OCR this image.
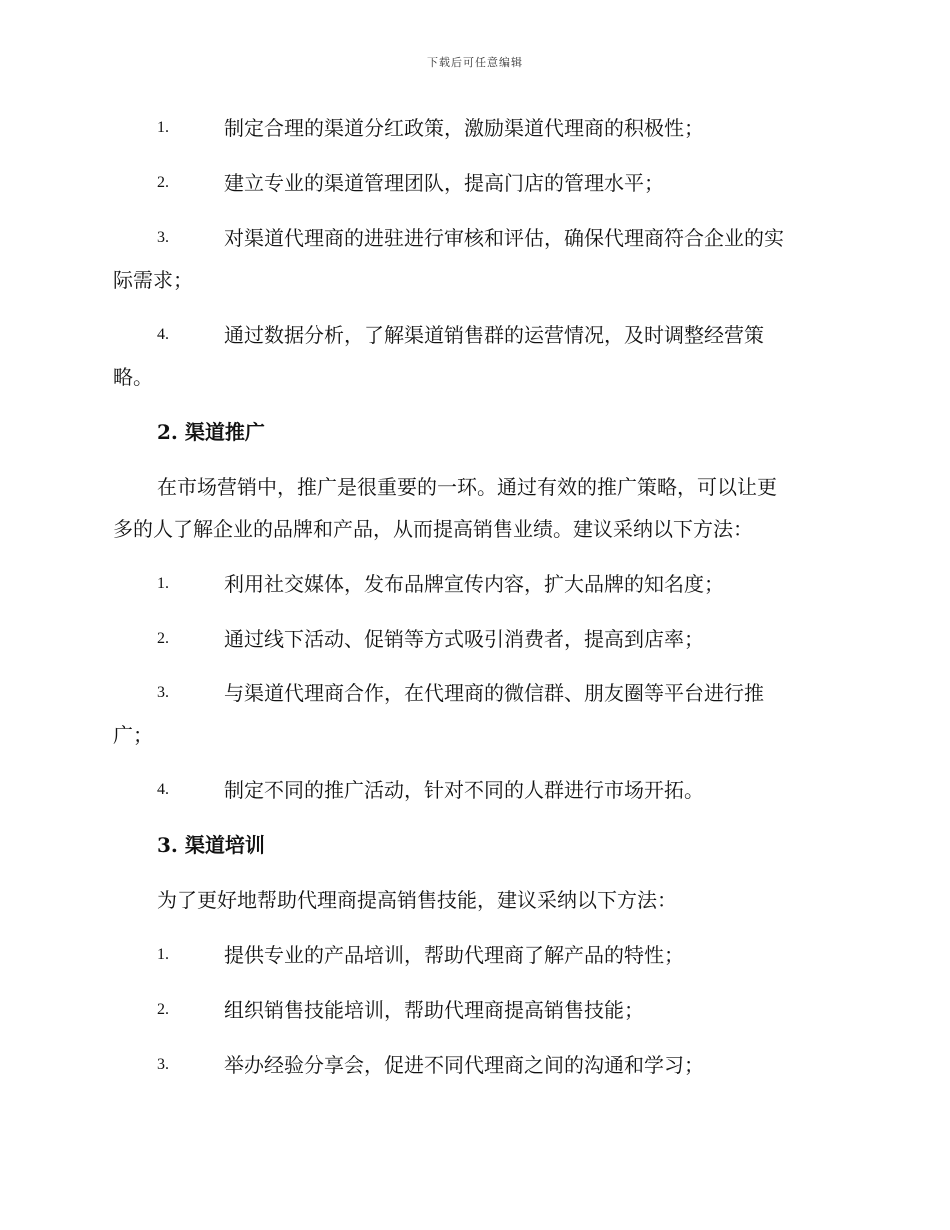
下载后可任意编辑
1.	制定合理的渠道分红政策，激励渠道代理商的积极性；
2.	建立专业的渠道管理团队，提高门店的管理水平；
3.	对渠道代理商的进驻进行审核和评估，确保代理商符合企业的实
际需求；
4.	通过数据分析，了解渠道销售群的运营情况，及时调整经营策
略。
2. 渠道推广
在市场营销中，推广是很重要的一环。通过有效的推广策略，可以让更
多的人了解企业的品牌和产品，从而提高销售业绩。建议采纳以下方法：
1.	利用社交媒体，发布品牌宣传内容，扩大品牌的知名度；
2.	通过线下活动、促销等方式吸引消费者，提高到店率；
3.	与渠道代理商合作，在代理商的微信群、朋友圈等平台进行推
广；
4.	制定不同的推广活动，针对不同的人群进行市场开拓。
3. 渠道培训
为了更好地帮助代理商提高销售技能，建议采纳以下方法：
1.	提供专业的产品培训，帮助代理商了解产品的特性；
2.	组织销售技能培训，帮助代理商提高销售技能；
3.	举办经验分享会，促进不同代理商之间的沟通和学习；
